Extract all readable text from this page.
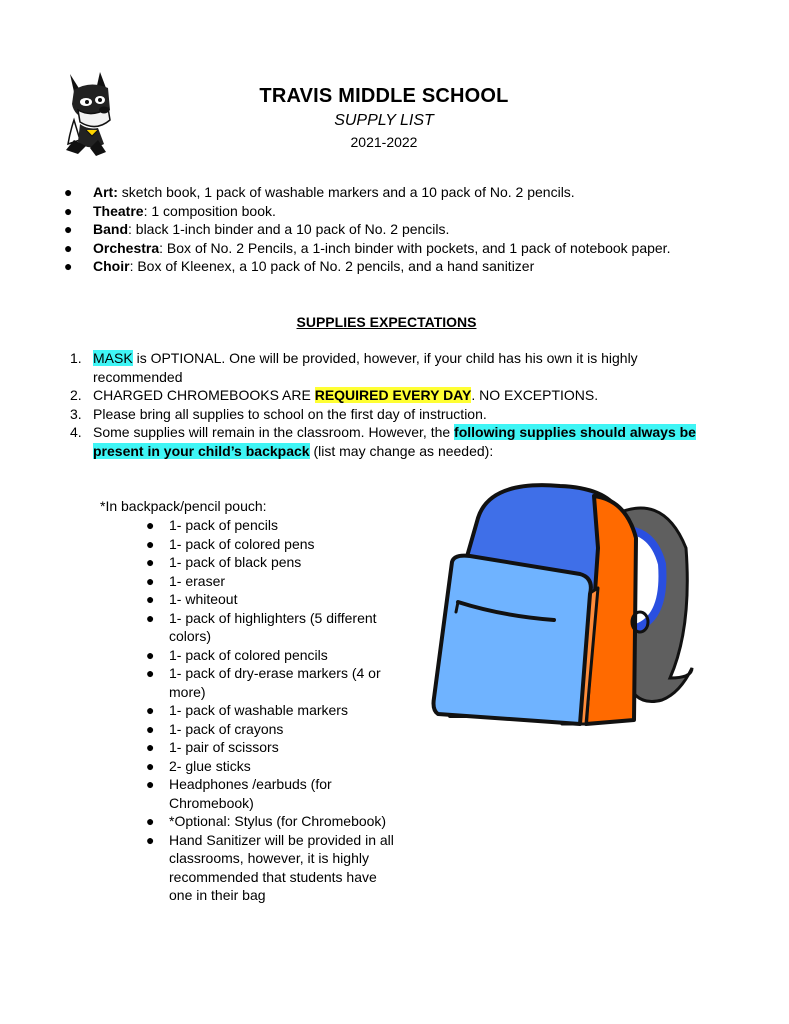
TRAVIS MIDDLE SCHOOL
SUPPLY LIST
2021-2022
● Art: sketch book, 1 pack of washable markers and a 10 pack of No. 2 pencils.
● Theatre: 1 composition book.
● Band: black 1-inch binder and a 10 pack of No. 2 pencils.
● Orchestra: Box of No. 2 Pencils, a 1-inch binder with pockets, and 1 pack of notebook paper.
● Choir: Box of Kleenex, a 10 pack of No. 2 pencils, and a hand sanitizer
SUPPLIES EXPECTATIONS
1. MASK is OPTIONAL. One will be provided, however, if your child has his own it is highly
recommended
2. CHARGED CHROMEBOOKS ARE REQUIRED EVERY DAY. NO EXCEPTIONS.
3. Please bring all supplies to school on the first day of instruction.
4. Some supplies will remain in the classroom. However, the following supplies should always be
present in your child’s backpack (list may change as needed):
*In backpack/pencil pouch:
● 1- pack of pencils
● 1- pack of colored pens
● 1- pack of black pens
● 1- eraser
● 1- whiteout
● 1- pack of highlighters (5 different colors)
● 1- pack of colored pencils
● 1- pack of dry-erase markers (4 or more)
● 1- pack of washable markers
● 1- pack of crayons
● 1- pair of scissors
● 2- glue sticks
● Headphones /earbuds (for Chromebook)
● *Optional: Stylus (for Chromebook)
● Hand Sanitizer will be provided in all classrooms, however, it is highly recommended that students have one in their bag
